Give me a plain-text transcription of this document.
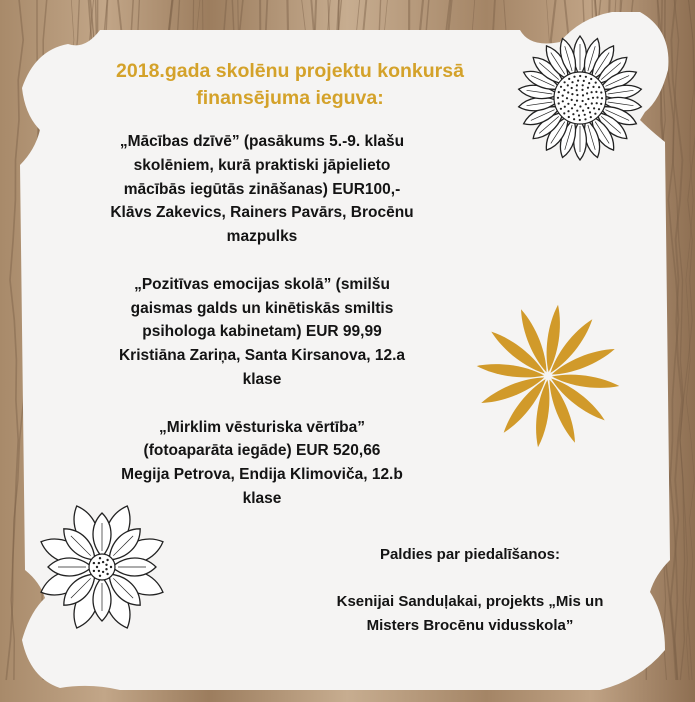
2018.gada skolēnu projektu konkursā
finansējuma ieguva:
„Mācības dzīvē” (pasākums 5.-9. klašu
skolēniem, kurā praktiski jāpielieto
mācībās iegūtās zināšanas) EUR100,-
Klāvs Zakevics, Rainers Pavārs, Brocēnu
mazpulks
„Pozitīvas emocijas skolā” (smilšu
gaismas galds un kinētiskās smiltis
psihologa kabinetam) EUR 99,99
Kristiāna Zariņa, Santa Kirsanova, 12.a
klase
„Mirklim vēsturiska vērtība”
(fotoaparāta iegāde) EUR 520,66
Megija Petrova, Endija Klimoviča, 12.b
klase
Paldies par piedalīšanos:
Ksenijai Sanduļakai, projekts „Mis un
Misters Brocēnu vidusskola”
